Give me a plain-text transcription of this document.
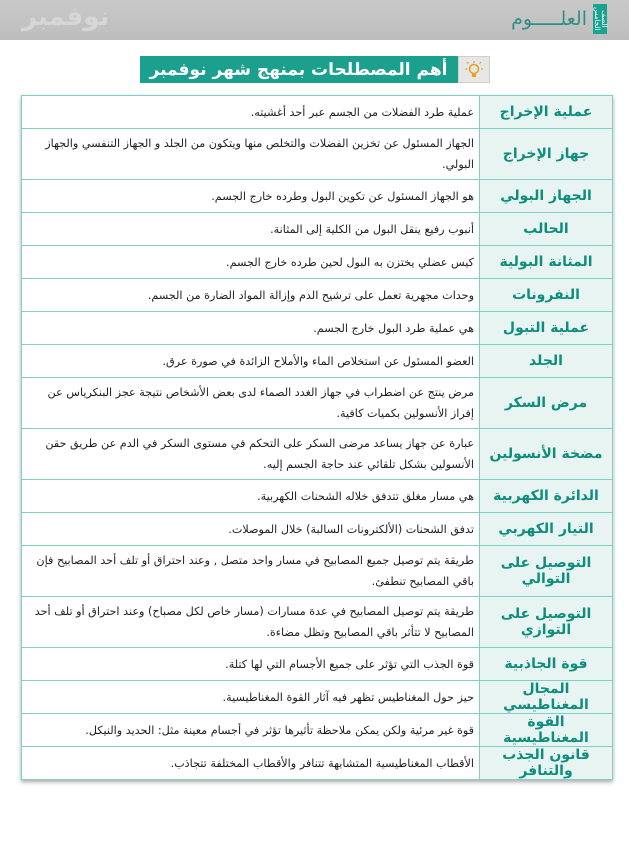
نوفمبر	الصف الخامس
العلـــــوم
أهم المصطلحات بمنهج شهر نوفمبر
عملية الإخراج	عملية طرد الفضلات من الجسم عبر أحد أغشيته.
جهاز الإخراج	الجهاز المسئول عن تخزين الفضلات والتخلص منها ويتكون من الجلد و الجهاز التنفسي والجهاز البولي.
الجهاز البولي	هو الجهاز المسئول عن تكوين البول وطرده خارج الجسم.
الحالب	أنبوب رفيع ينقل البول من الكلية إلى المثانة.
المثانة البولية	كيس عضلي يختزن به البول لحين طرده خارج الجسم.
النفرونات	وحدات مجهرية تعمل على ترشيح الدم وإزالة المواد الضارة من الجسم.
عملية التبول	هي عملية طرد البول خارج الجسم.
الجلد	العضو المسئول عن استخلاص الماء والأملاح الزائدة في صورة عرق.
مرض السكر	مرض ينتج عن اضطراب في جهاز الغدد الصماء لدى بعض الأشخاص نتيجة عجز البنكرياس عن إفراز الأنسولين بكميات كافية.
مضخة الأنسولين	عبارة عن جهاز يساعد مرضى السكر على التحكم في مستوى السكر في الدم عن طريق حقن الأنسولين بشكل تلقائي عند حاجة الجسم إليه.
الدائرة الكهربية	هي مسار مغلق تتدفق خلاله الشحنات الكهربية.
التيار الكهربي	تدفق الشحنات (الألكترونات السالبة) خلال الموصلات.
التوصيل على التوالي	طريقة يتم توصيل جميع المصابيح في مسار واحد متصل , وعند احتراق أو تلف أحد المصابيح فإن باقي المصابيح تنطفئ.
التوصيل على التوازي	طريقة يتم توصيل المصابيح في عدة مسارات (مسار خاص لكل مصباح) وعند احتراق أو تلف أحد المصابيح لا تتأثر باقي المصابيح وتظل مضاءة.
قوة الجاذبية	قوة الجذب التي تؤثر على جميع الأجسام التي لها كتلة.
المجال المغناطيسي	حيز حول المغناطيس تظهر فيه آثار القوة المغناطيسية.
القوة المغناطيسية	قوة غير مرئية ولكن يمكن ملاحظة تأثيرها تؤثر في أجسام معينة مثل: الحديد والنيكل.
قانون الجذب والتنافر	الأقطاب المغناطيسية المتشابهة تتنافر والأقطاب المختلفة تتجاذب.
